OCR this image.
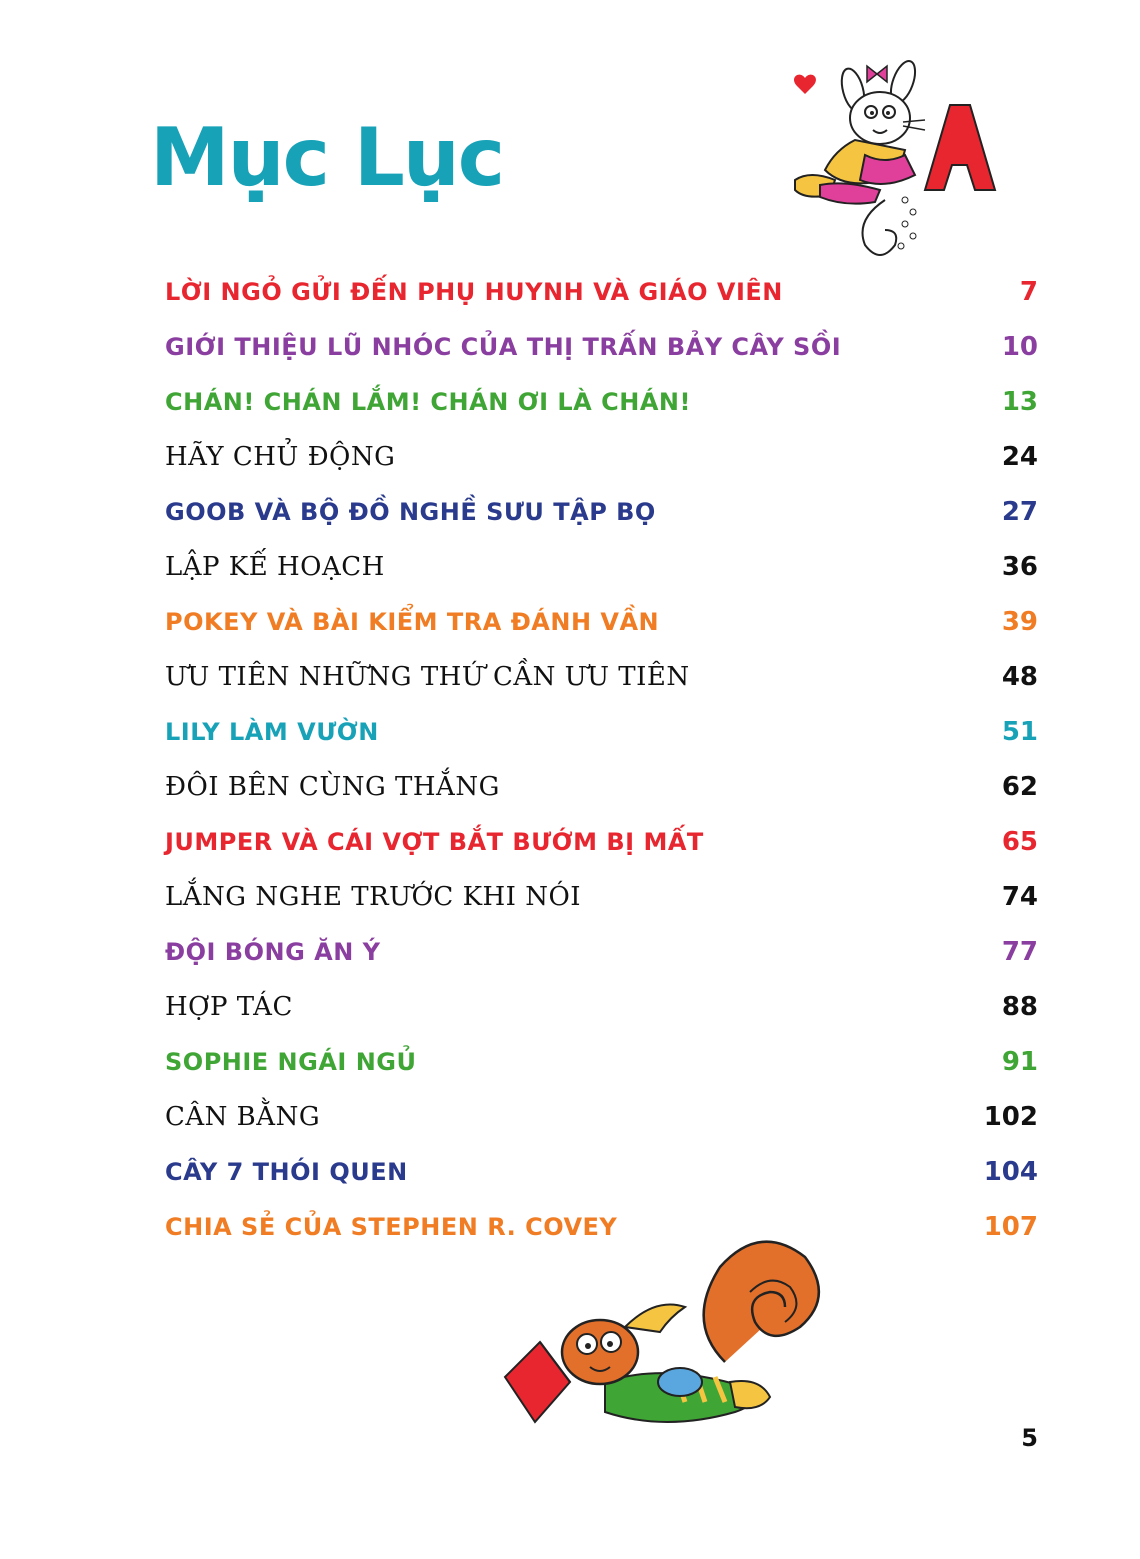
Mục Lục
LỜI NGỎ GỬI ĐẾN PHỤ HUYNH VÀ GIÁO VIÊN	7
GIỚI THIỆU LŨ NHÓC CỦA THỊ TRẤN BẢY CÂY SỒI	10
CHÁN! CHÁN LẮM! CHÁN ƠI LÀ CHÁN!	13
HÃY CHỦ ĐỘNG	24
GOOB VÀ BỘ ĐỒ NGHỀ SƯU TẬP BỌ	27
LẬP KẾ HOẠCH	36
POKEY VÀ BÀI KIỂM TRA ĐÁNH VẦN	39
ƯU TIÊN NHỮNG THỨ CẦN ƯU TIÊN	48
LILY LÀM VƯỜN	51
ĐÔI BÊN CÙNG THẮNG	62
JUMPER VÀ CÁI VỢT BẮT BƯỚM BỊ MẤT	65
LẮNG NGHE TRƯỚC KHI NÓI	74
ĐỘI BÓNG ĂN Ý	77
HỢP TÁC	88
SOPHIE NGÁI NGỦ	91
CÂN BẰNG	102
CÂY 7 THÓI QUEN	104
CHIA SẺ CỦA STEPHEN R. COVEY	107
5
